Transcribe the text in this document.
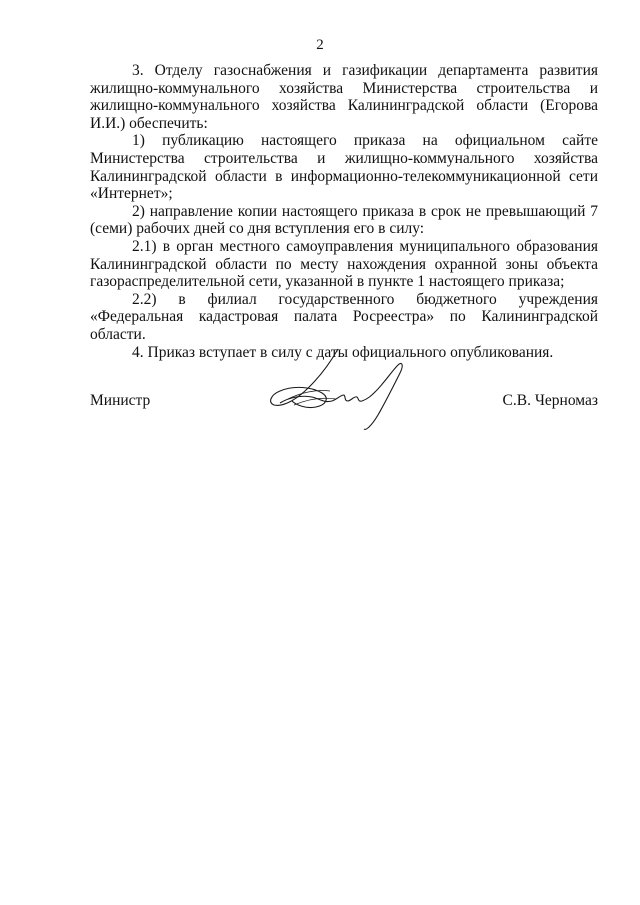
2

3. Отделу газоснабжения и газификации департамента развития жилищно-коммунального хозяйства Министерства строительства и жилищно-коммунального хозяйства Калининградской области (Егорова И.И.) обеспечить:

1) публикацию настоящего приказа на официальном сайте Министерства строительства и жилищно-коммунального хозяйства Калининградской области в информационно-телекоммуникационной сети «Интернет»;

2) направление копии настоящего приказа в срок не превышающий 7 (семи) рабочих дней со дня вступления его в силу:

2.1) в орган местного самоуправления муниципального образования Калининградской области по месту нахождения охранной зоны объекта газораспределительной сети, указанной в пункте 1 настоящего приказа;

2.2) в филиал государственного бюджетного учреждения «Федеральная кадастровая палата Росреестра» по Калининградской области.

4. Приказ вступает в силу с даты официального опубликования.

Министр	С.В. Черномаз
